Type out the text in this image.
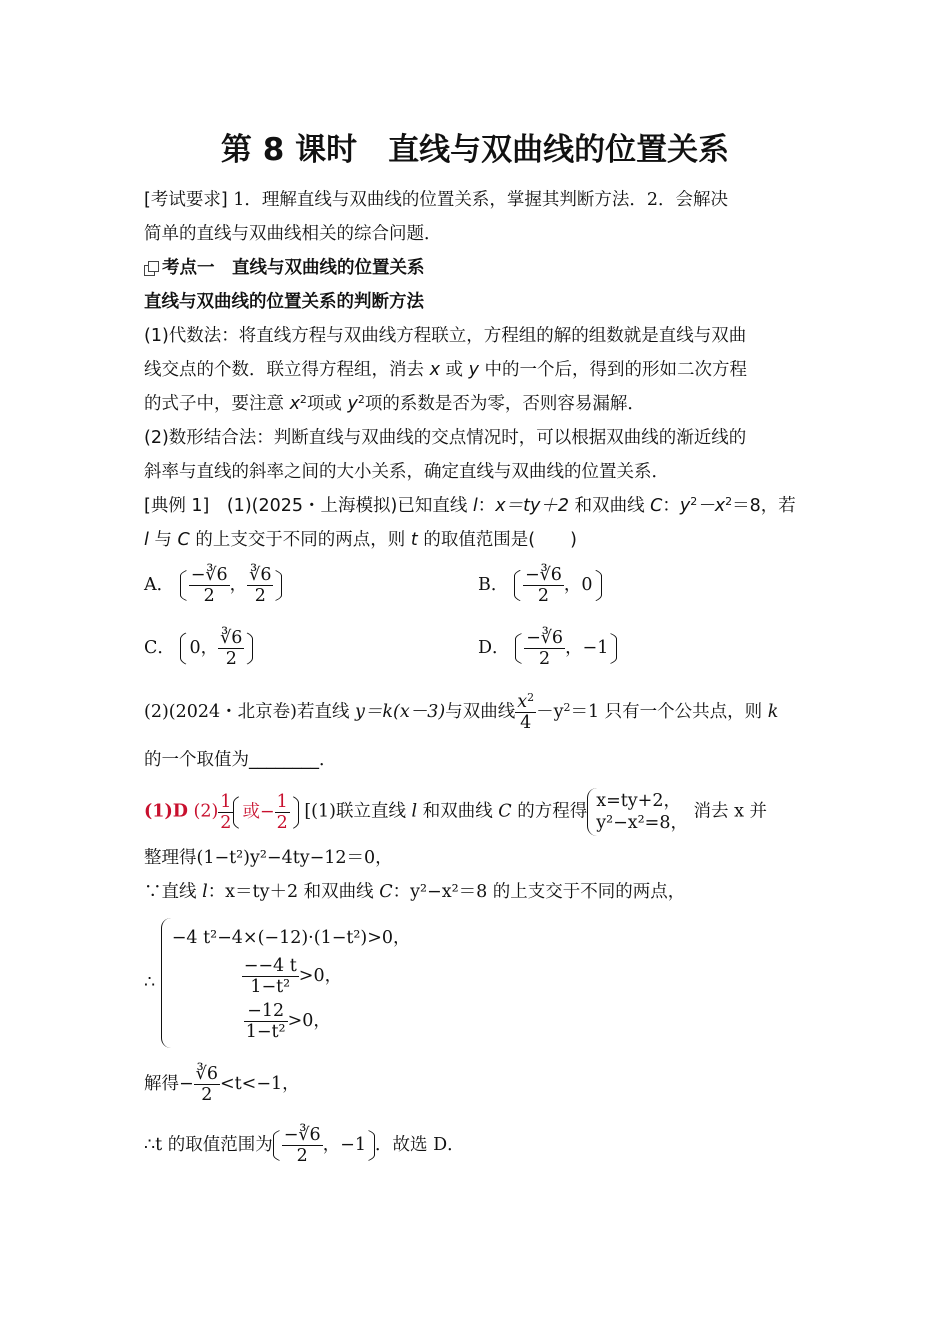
第 8 课时　直线与双曲线的位置关系
[考试要求] 1．理解直线与双曲线的位置关系，掌握其判断方法．2．会解决
简单的直线与双曲线相关的综合问题．
考点一　直线与双曲线的位置关系
直线与双曲线的位置关系的判断方法
(1)代数法：将直线方程与双曲线方程联立，方程组的解的组数就是直线与双曲
线交点的个数．联立得方程组，消去 x 或 y 中的一个后，得到的形如二次方程
的式子中，要注意 $x^2$项或 $y^2$项的系数是否为零，否则容易漏解．
(2)数形结合法：判断直线与双曲线的交点情况时，可以根据双曲线的渐近线的
斜率与直线的斜率之间的大小关系，确定直线与双曲线的位置关系．
[典例 1]　(1)(2025・上海模拟)已知直线 l：x＝ty＋2 和双曲线 C：$y^2-x^2=8$，若
l 与 C 的上支交于不同的两点，则 t 的取值范围是(　　)
A． $\frac{-∛6}{2}$ ， $\frac{∛6}{2}$	B． $\frac{-∛6}{2}$ ，0
C． 0， $\frac{∛6}{2}$	D． $\frac{-∛6}{2}$ ，−1
(2)(2024・北京卷)若直线 y＝k(x－3)与双曲线 $\frac{x^2}{4} -y^2=1$ 只有一个公共点，则 k
的一个取值为________．
(1)D $(2) \frac{1}{2}$ 或− $\frac{1}{2} [(1)$联立直线 l 和双曲线 C 的方程得
x=ty+2，
y²−x²=8，
消去 x 并
整理得(1−t²)y²−4ty−12＝0，
∵直线 l：x＝ty＋2 和双曲线 C：y²−x²＝8 的上支交于不同的两点，
∴
−4 t²−4×(−12)·(1−t²)>0，
$\frac{--4 t}{\text{1−t²}} >0$，
$\frac{-12}{\text{1−t²}} >0$，
解得− $\frac{∛6}{2} <t<-1$，
∴t 的取值范围为 $\frac{-∛6}{2}$ ，−1 ．故选 D．
